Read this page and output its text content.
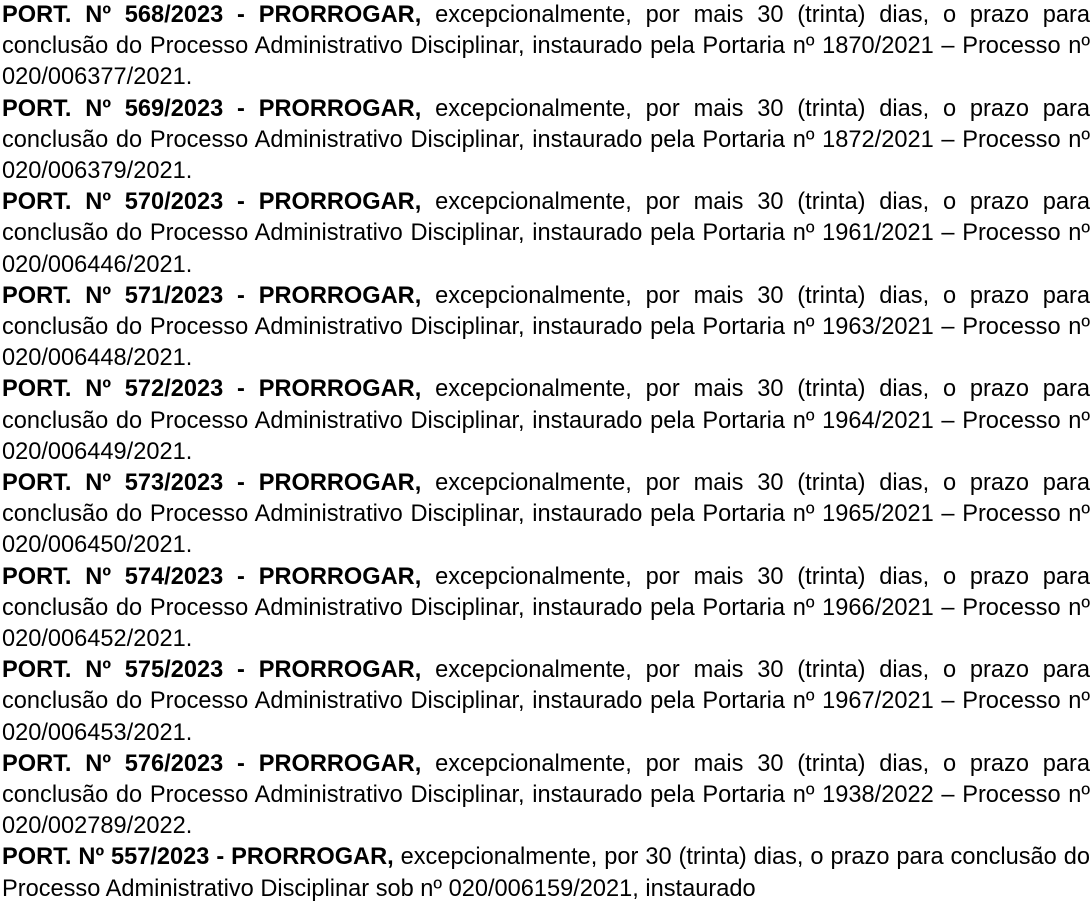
PORT. Nº 568/2023 - PRORROGAR, excepcionalmente, por mais 30 (trinta) dias, o prazo para conclusão do Processo Administrativo Disciplinar, instaurado pela Portaria nº 1870/2021 – Processo nº 020/006377/2021.

PORT. Nº 569/2023 - PRORROGAR, excepcionalmente, por mais 30 (trinta) dias, o prazo para conclusão do Processo Administrativo Disciplinar, instaurado pela Portaria nº 1872/2021 – Processo nº 020/006379/2021.

PORT. Nº 570/2023 - PRORROGAR, excepcionalmente, por mais 30 (trinta) dias, o prazo para conclusão do Processo Administrativo Disciplinar, instaurado pela Portaria nº 1961/2021 – Processo nº 020/006446/2021.

PORT. Nº 571/2023 - PRORROGAR, excepcionalmente, por mais 30 (trinta) dias, o prazo para conclusão do Processo Administrativo Disciplinar, instaurado pela Portaria nº 1963/2021 – Processo nº 020/006448/2021.

PORT. Nº 572/2023 - PRORROGAR, excepcionalmente, por mais 30 (trinta) dias, o prazo para conclusão do Processo Administrativo Disciplinar, instaurado pela Portaria nº 1964/2021 – Processo nº 020/006449/2021.

PORT. Nº 573/2023 - PRORROGAR, excepcionalmente, por mais 30 (trinta) dias, o prazo para conclusão do Processo Administrativo Disciplinar, instaurado pela Portaria nº 1965/2021 – Processo nº 020/006450/2021.

PORT. Nº 574/2023 - PRORROGAR, excepcionalmente, por mais 30 (trinta) dias, o prazo para conclusão do Processo Administrativo Disciplinar, instaurado pela Portaria nº 1966/2021 – Processo nº 020/006452/2021.

PORT. Nº 575/2023 - PRORROGAR, excepcionalmente, por mais 30 (trinta) dias, o prazo para conclusão do Processo Administrativo Disciplinar, instaurado pela Portaria nº 1967/2021 – Processo nº 020/006453/2021.

PORT. Nº 576/2023 - PRORROGAR, excepcionalmente, por mais 30 (trinta) dias, o prazo para conclusão do Processo Administrativo Disciplinar, instaurado pela Portaria nº 1938/2022 – Processo nº 020/002789/2022.

PORT. Nº 557/2023 - PRORROGAR, excepcionalmente, por 30 (trinta) dias, o prazo para conclusão do Processo Administrativo Disciplinar sob nº 020/006159/2021, instaurado
